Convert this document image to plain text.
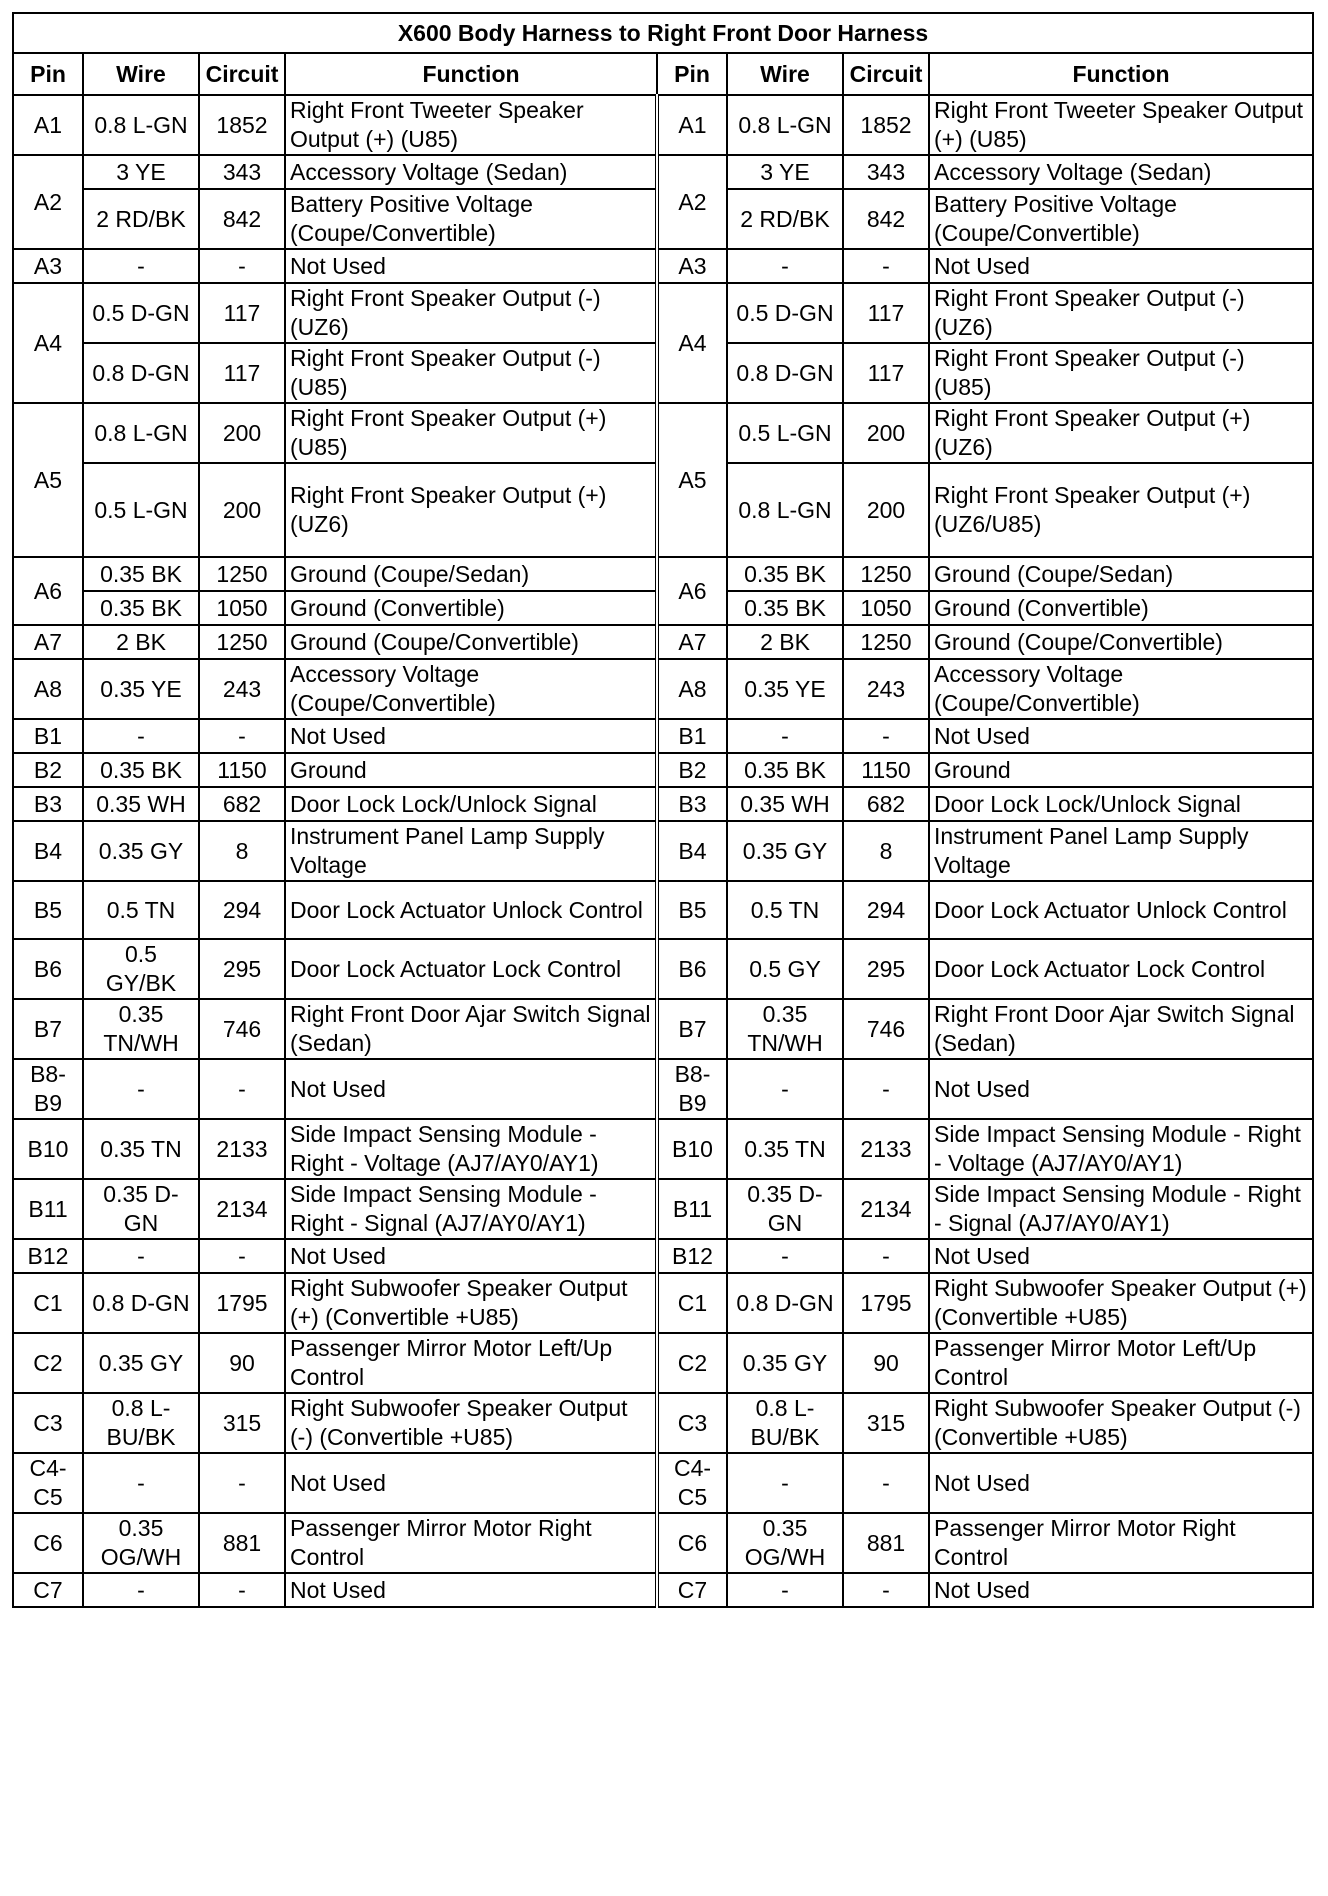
X600 Body Harness to Right Front Door Harness							
Pin	Wire	Circuit	Function	Pin	Wire	Circuit	Function
A1	0.8 L-GN	1852	Right Front Tweeter Speaker Output (+) (U85)	A1	0.8 L-GN	1852	Right Front Tweeter Speaker Output (+) (U85)
A2	3 YE	343	Accessory Voltage (Sedan)	A2	3 YE	343	Accessory Voltage (Sedan)
	2 RD/BK	842	Battery Positive Voltage (Coupe/Convertible)		2 RD/BK	842	Battery Positive Voltage (Coupe/Convertible)
A3	-	-	Not Used	A3	-	-	Not Used
A4	0.5 D-GN	117	Right Front Speaker Output (-) (UZ6)	A4	0.5 D-GN	117	Right Front Speaker Output (-) (UZ6)
	0.8 D-GN	117	Right Front Speaker Output (-) (U85)		0.8 D-GN	117	Right Front Speaker Output (-) (U85)
A5	0.8 L-GN	200	Right Front Speaker Output (+) (U85)	A5	0.5 L-GN	200	Right Front Speaker Output (+) (UZ6)
	0.5 L-GN	200	Right Front Speaker Output (+) (UZ6)		0.8 L-GN	200	Right Front Speaker Output (+) (UZ6/U85)
A6	0.35 BK	1250	Ground (Coupe/Sedan)	A6	0.35 BK	1250	Ground (Coupe/Sedan)
	0.35 BK	1050	Ground (Convertible)		0.35 BK	1050	Ground (Convertible)
A7	2 BK	1250	Ground (Coupe/Convertible)	A7	2 BK	1250	Ground (Coupe/Convertible)
A8	0.35 YE	243	Accessory Voltage (Coupe/Convertible)	A8	0.35 YE	243	Accessory Voltage (Coupe/Convertible)
B1	-	-	Not Used	B1	-	-	Not Used
B2	0.35 BK	1150	Ground	B2	0.35 BK	1150	Ground
B3	0.35 WH	682	Door Lock Lock/Unlock Signal	B3	0.35 WH	682	Door Lock Lock/Unlock Signal
B4	0.35 GY	8	Instrument Panel Lamp Supply Voltage	B4	0.35 GY	8	Instrument Panel Lamp Supply Voltage
B5	0.5 TN	294	Door Lock Actuator Unlock Control	B5	0.5 TN	294	Door Lock Actuator Unlock Control
B6	0.5 GY/BK	295	Door Lock Actuator Lock Control	B6	0.5 GY	295	Door Lock Actuator Lock Control
B7	0.35 TN/WH	746	Right Front Door Ajar Switch Signal (Sedan)	B7	0.35 TN/WH	746	Right Front Door Ajar Switch Signal (Sedan)
B8-B9	-	-	Not Used	B8-B9	-	-	Not Used
B10	0.35 TN	2133	Side Impact Sensing Module - Right - Voltage (AJ7/AY0/AY1)	B10	0.35 TN	2133	Side Impact Sensing Module - Right - Voltage (AJ7/AY0/AY1)
B11	0.35 D-GN	2134	Side Impact Sensing Module - Right - Signal (AJ7/AY0/AY1)	B11	0.35 D-GN	2134	Side Impact Sensing Module - Right - Signal (AJ7/AY0/AY1)
B12	-	-	Not Used	B12	-	-	Not Used
C1	0.8 D-GN	1795	Right Subwoofer Speaker Output (+) (Convertible +U85)	C1	0.8 D-GN	1795	Right Subwoofer Speaker Output (+) (Convertible +U85)
C2	0.35 GY	90	Passenger Mirror Motor Left/Up Control	C2	0.35 GY	90	Passenger Mirror Motor Left/Up Control
C3	0.8 L-BU/BK	315	Right Subwoofer Speaker Output (-) (Convertible +U85)	C3	0.8 L-BU/BK	315	Right Subwoofer Speaker Output (-) (Convertible +U85)
C4-C5	-	-	Not Used	C4-C5	-	-	Not Used
C6	0.35 OG/WH	881	Passenger Mirror Motor Right Control	C6	0.35 OG/WH	881	Passenger Mirror Motor Right Control
C7	-	-	Not Used	C7	-	-	Not Used
